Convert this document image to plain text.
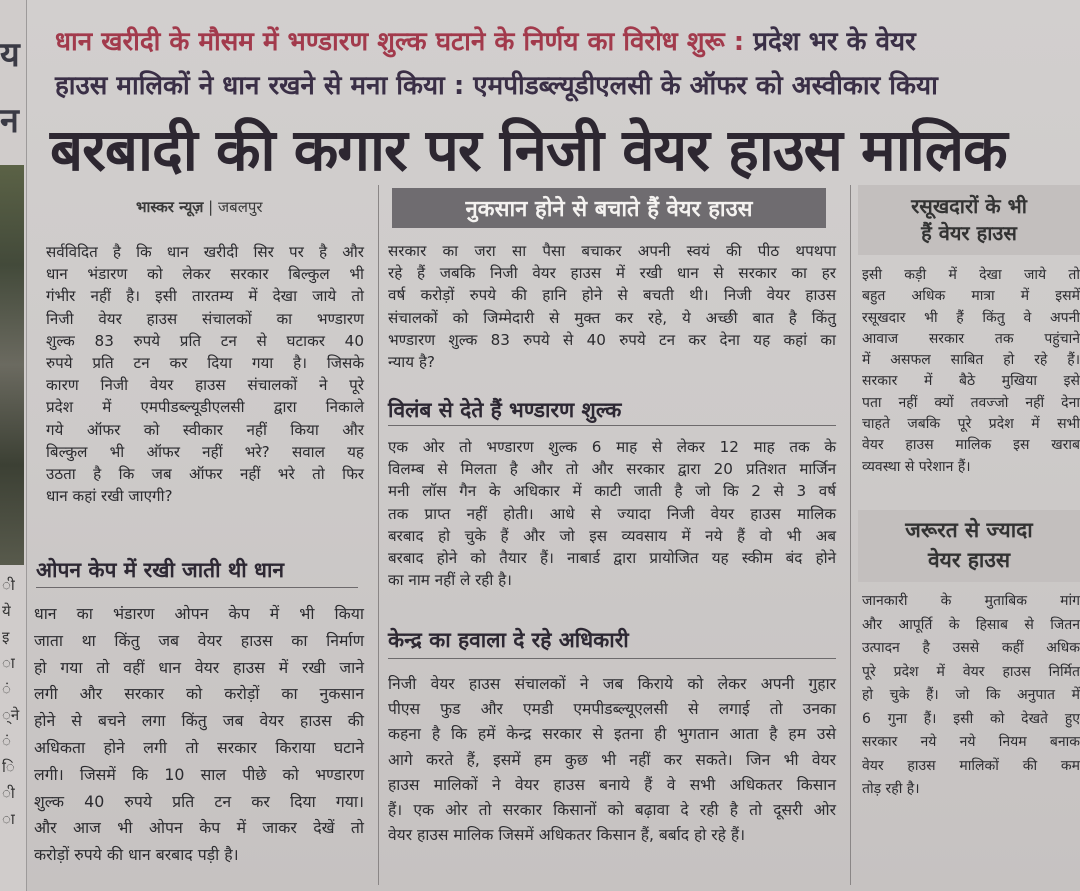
य
न
ी
ये
इ
ा
ं
्ने
ं
ि
ी
ा
धान खरीदी के मौसम में भण्डारण शुल्क घटाने के निर्णय का विरोध शुरू : प्रदेश भर के वेयर
हाउस मालिकों ने धान रखने से मना किया : एमपीडब्ल्यूडीएलसी के ऑफर को अस्वीकार किया
बरबादी की कगार पर निजी वेयर हाउस मालिक
भास्कर न्यूज़ | जबलपुर

सर्वविदित है कि धान खरीदी सिर पर है और

धान भंडारण को लेकर सरकार बिल्कुल भी

गंभीर नहीं है। इसी तारतम्य में देखा जाये तो

निजी वेयर हाउस संचालकों का भण्डारण

शुल्क 83 रुपये प्रति टन से घटाकर 40

रुपये प्रति टन कर दिया गया है। जिसके

कारण निजी वेयर हाउस संचालकों ने पूरे

प्रदेश में एमपीडब्ल्यूडीएलसी द्वारा निकाले

गये ऑफर को स्वीकार नहीं किया और

बिल्कुल भी ऑफर नहीं भरे? सवाल यह

उठता है कि जब ऑफर नहीं भरे तो फिर

धान कहां रखी जाएगी?

ओपन केप में रखी जाती थी धान

धान का भंडारण ओपन केप में भी किया

जाता था किंतु जब वेयर हाउस का निर्माण

हो गया तो वहीं धान वेयर हाउस में रखी जाने

लगी और सरकार को करोड़ों का नुकसान

होने से बचने लगा किंतु जब वेयर हाउस की

अधिकता होने लगी तो सरकार किराया घटाने

लगी। जिसमें कि 10 साल पीछे को भण्डारण

शुल्क 40 रुपये प्रति टन कर दिया गया।

और आज भी ओपन केप में जाकर देखें तो

करोड़ों रुपये की धान बरबाद पड़ी है।

नुकसान होने से बचाते हैं वेयर हाउस

सरकार का जरा सा पैसा बचाकर अपनी स्वयं की पीठ थपथपा

रहे हैं जबकि निजी वेयर हाउस में रखी धान से सरकार का हर

वर्ष करोड़ों रुपये की हानि होने से बचती थी। निजी वेयर हाउस

संचालकों को जिम्मेदारी से मुक्त कर रहे, ये अच्छी बात है किंतु

भण्डारण शुल्क 83 रुपये से 40 रुपये टन कर देना यह कहां का

न्याय है?

विलंब से देते हैं भण्डारण शुल्क

एक ओर तो भण्डारण शुल्क 6 माह से लेकर 12 माह तक के

विलम्ब से मिलता है और तो और सरकार द्वारा 20 प्रतिशत मार्जिन

मनी लॉस गैन के अधिकार में काटी जाती है जो कि 2 से 3 वर्ष

तक प्राप्त नहीं होती। आधे से ज्यादा निजी वेयर हाउस मालिक

बरबाद हो चुके हैं और जो इस व्यवसाय में नये हैं वो भी अब

बरबाद होने को तैयार हैं। नाबार्ड द्वारा प्रायोजित यह स्कीम बंद होने

का नाम नहीं ले रही है।

केन्द्र का हवाला दे रहे अधिकारी

निजी वेयर हाउस संचालकों ने जब किराये को लेकर अपनी गुहार

पीएस फुड और एमडी एमपीडब्ल्यूएलसी से लगाई तो उनका

कहना है कि हमें केन्द्र सरकार से इतना ही भुगतान आता है हम उसे

आगे करते हैं, इसमें हम कुछ भी नहीं कर सकते। जिन भी वेयर

हाउस मालिकों ने वेयर हाउस बनाये हैं वे सभी अधिकतर किसान

हैं। एक ओर तो सरकार किसानों को बढ़ावा दे रही है तो दूसरी ओर

वेयर हाउस मालिक जिसमें अधिकतर किसान हैं, बर्बाद हो रहे हैं।

रसूखदारों के भी
हैं वेयर हाउस

इसी कड़ी में देखा जाये तो

बहुत अधिक मात्रा में इसमें

रसूखदार भी हैं किंतु वे अपनी

आवाज सरकार तक पहुंचाने

में असफल साबित हो रहे हैं।

सरकार में बैठे मुखिया इसे

पता नहीं क्यों तवज्जो नहीं देना

चाहते जबकि पूरे प्रदेश में सभी

वेयर हाउस मालिक इस खराब

व्यवस्था से परेशान हैं।

जरूरत से ज्यादा
वेयर हाउस

जानकारी के मुताबिक मांग

और आपूर्ति के हिसाब से जितन

उत्पादन है उससे कहीं अधिक

पूरे प्रदेश में वेयर हाउस निर्मित

हो चुके हैं। जो कि अनुपात में

6 गुना हैं। इसी को देखते हुए

सरकार नये नये नियम बनाक

वेयर हाउस मालिकों की कम

तोड़ रही है।
